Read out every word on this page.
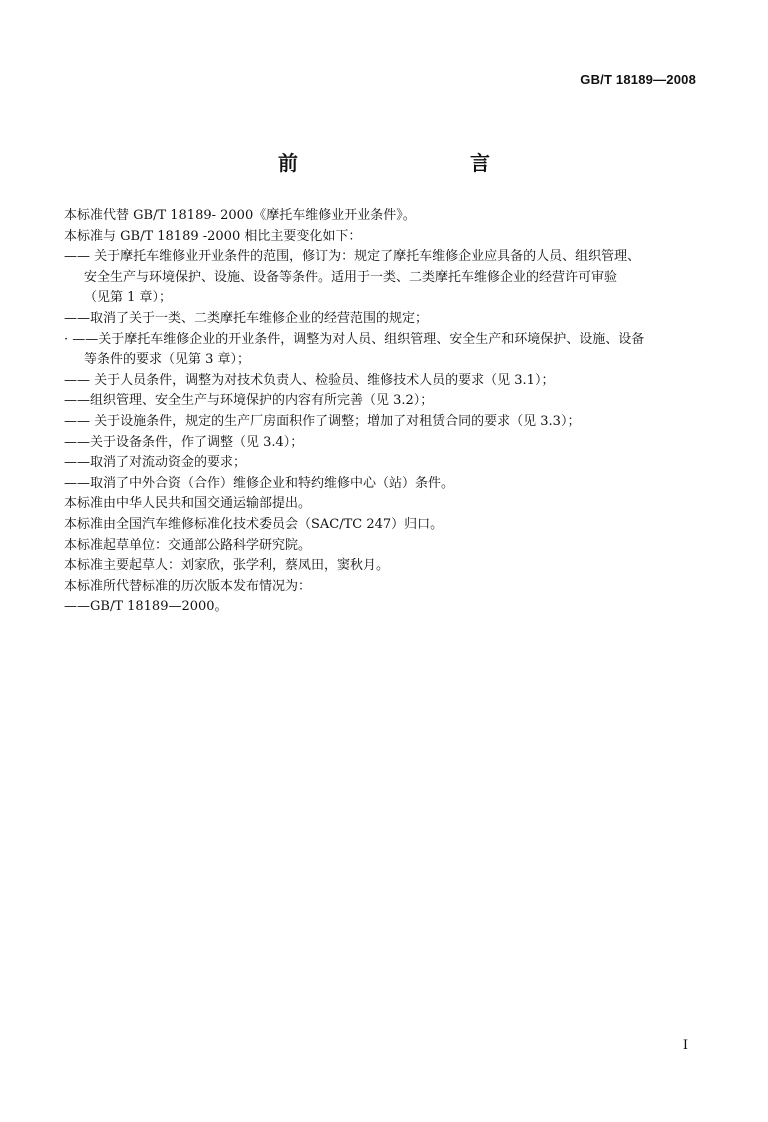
GB/T 18189—2008
前　　言
本标准代替 GB/T 18189- 2000《摩托车维修业开业条件》。
本标准与 GB/T 18189 -2000 相比主要变化如下：
—— 关于摩托车维修业开业条件的范围，修订为：规定了摩托车维修企业应具备的人员、组织管理、
安全生产与环境保护、设施、设备等条件。适用于一类、二类摩托车维修企业的经营许可审验
（见第 1 章）；
——取消了关于一类、二类摩托车维修企业的经营范围的规定；
· ——关于摩托车维修企业的开业条件，调整为对人员、组织管理、安全生产和环境保护、设施、设备
等条件的要求（见第 3 章）；
—— 关于人员条件，调整为对技术负责人、检验员、维修技术人员的要求（见 3.1）；
——组织管理、安全生产与环境保护的内容有所完善（见 3.2）；
—— 关于设施条件，规定的生产厂房面积作了调整；增加了对租赁合同的要求（见 3.3）；
——关于设备条件，作了调整（见 3.4）；
——取消了对流动资金的要求；
——取消了中外合资（合作）维修企业和特约维修中心（站）条件。
本标准由中华人民共和国交通运输部提出。
本标准由全国汽车维修标准化技术委员会（SAC/TC 247）归口。
本标准起草单位：交通部公路科学研究院。
本标准主要起草人：刘家欣，张学利，蔡凤田，窦秋月。
本标准所代替标准的历次版本发布情况为：
——GB/T 18189—2000。
I
